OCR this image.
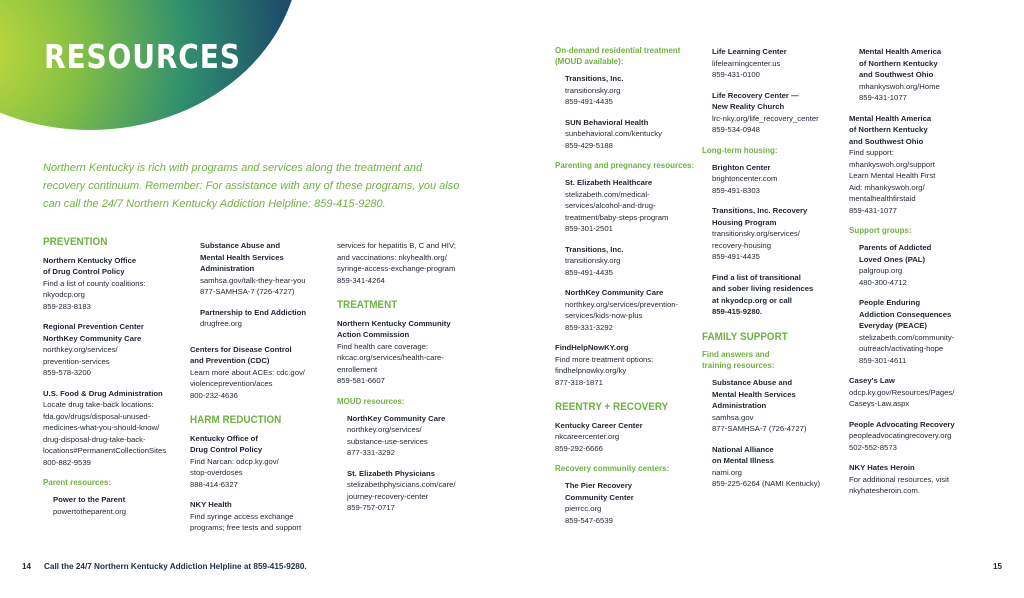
RESOURCES
Northern Kentucky is rich with programs and services along the treatment and recovery continuum. Remember: For assistance with any of these programs, you also can call the 24/7 Northern Kentucky Addiction Helpline: 859-415-9280.
PREVENTION
Northern Kentucky Office
of Drug Control Policy
Find a list of county coalitions:
nkyodcp.org
859-283-8183
Regional Prevention Center
NorthKey Community Care
northkey.org/services/
prevention-services
859-578-3200
U.S. Food & Drug Administration
Locate drug take-back locations:
fda.gov/drugs/disposal-unused-
medicines-what-you-should-know/
drug-disposal-drug-take-back-
locations#PermanentCollectionSites
800-882-9539
Parent resources:
Power to the Parent
powertotheparent.org
Substance Abuse and
Mental Health Services
Administration
samhsa.gov/talk-they-hear-you
877-SAMHSA-7 (726-4727)
Partnership to End Addiction
drugfree.org
Centers for Disease Control
and Prevention (CDC)
Learn more about ACEs: cdc.gov/
violenceprevention/aces
800-232-4636
HARM REDUCTION
Kentucky Office of
Drug Control Policy
Find Narcan: odcp.ky.gov/
stop-overdoses
888-414-6327
NKY Health
Find syringe access exchange
programs; free tests and support
services for hepatitis B, C and HIV;
and vaccinations: nkyhealth.org/
syringe-access-exchange-program
859-341-4264
TREATMENT
Northern Kentucky Community
Action Commission
Find health care coverage:
nkcac.org/services/health-care-
enrollement
859-581-6607
MOUD resources:
NorthKey Community Care
northkey.org/services/
substance-use-services
877-331-3292
St. Elizabeth Physicians
stelizabethphysicians.com/care/
journey-recovery-center
859-757-0717
On-demand residential treatment
(MOUD available):
Transitions, Inc.
transitionsky.org
859-491-4435
SUN Behavioral Health
sunbehavioral.com/kentucky
859-429-5188
Parenting and pregnancy resources:
St. Elizabeth Healthcare
stelizabeth.com/medical-
services/alcohol-and-drug-
treatment/baby-steps-program
859-301-2501
Transitions, Inc.
transitionsky.org
859-491-4435
NorthKey Community Care
northkey.org/services/prevention-
services/kids-now-plus
859-331-3292
FindHelpNowKY.org
Find more treatment options:
findhelpnowky.org/ky
877-318-1871
REENTRY + RECOVERY
Kentucky Career Center
nkcareercenter.org
859-292-6666
Recovery community centers:
The Pier Recovery
Community Center
pierrcc.org
859-547-6539
Life Learning Center
lifelearningcenter.us
859-431-0100
Life Recovery Center —
New Reality Church
lrc-nky.org/life_recovery_center
859-534-0948
Long-term housing:
Brighton Center
brightoncenter.com
859-491-8303
Transitions, Inc. Recovery
Housing Program
transitionsky.org/services/
recovery-housing
859-491-4435
Find a list of transitional
and sober living residences
at nkyodcp.org or call
859-415-9280.
FAMILY SUPPORT
Find answers and
training resources:
Substance Abuse and
Mental Health Services
Administration
samhsa.gov
877-SAMHSA-7 (726-4727)
National Alliance
on Mental Illness
nami.org
859-225-6264 (NAMI Kentucky)
Mental Health America
of Northern Kentucky
and Southwest Ohio
mhankyswoh.org/Home
859-431-1077
Mental Health America
of Northern Kentucky
and Southwest Ohio
Find support:
mhankyswoh.org/support
Learn Mental Health First
Aid: mhankyswoh.org/
mentalhealthfirstaid
859-431-1077
Support groups:
Parents of Addicted
Loved Ones (PAL)
palgroup.org
480-300-4712
People Enduring
Addiction Consequences
Everyday (PEACE)
stelizabeth.com/community-
outreach/activating-hope
859-301-4611
Casey's Law
odcp.ky.gov/Resources/Pages/
Caseys-Law.aspx
People Advocating Recovery
peopleadvocatingrecovery.org
502-552-8573
NKY Hates Heroin
For additional resources, visit
nkyhatesheroin.com.
14 Call the 24/7 Northern Kentucky Addiction Helpline at 859-415-9280.	15
